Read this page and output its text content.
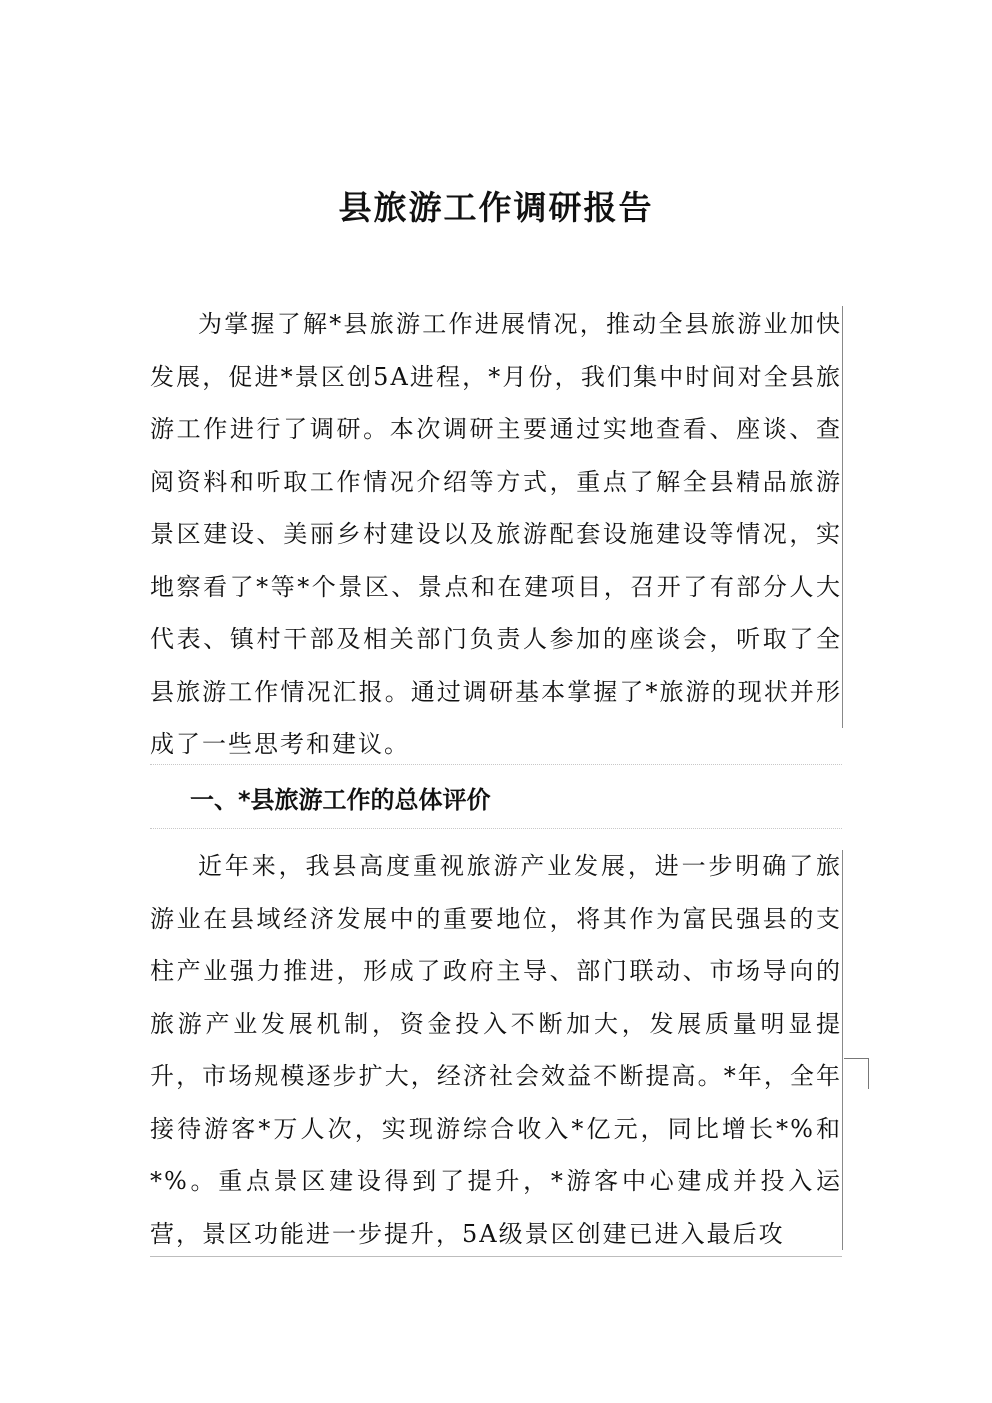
县旅游工作调研报告

为掌握了解*县旅游工作进展情况，推动全县旅游业加快发展，促进*景区创5A进程，*月份，我们集中时间对全县旅游工作进行了调研。本次调研主要通过实地查看、座谈、查阅资料和听取工作情况介绍等方式，重点了解全县精品旅游景区建设、美丽乡村建设以及旅游配套设施建设等情况，实地察看了*等*个景区、景点和在建项目，召开了有部分人大代表、镇村干部及相关部门负责人参加的座谈会，听取了全县旅游工作情况汇报。通过调研基本掌握了*旅游的现状并形成了一些思考和建议。

一、*县旅游工作的总体评价

近年来，我县高度重视旅游产业发展，进一步明确了旅游业在县域经济发展中的重要地位，将其作为富民强县的支柱产业强力推进，形成了政府主导、部门联动、市场导向的旅游产业发展机制，资金投入不断加大，发展质量明显提升，市场规模逐步扩大，经济社会效益不断提高。*年，全年接待游客*万人次，实现游综合收入*亿元，同比增长*%和*%。重点景区建设得到了提升，*游客中心建成并投入运营，景区功能进一步提升，5A级景区创建已进入最后攻
